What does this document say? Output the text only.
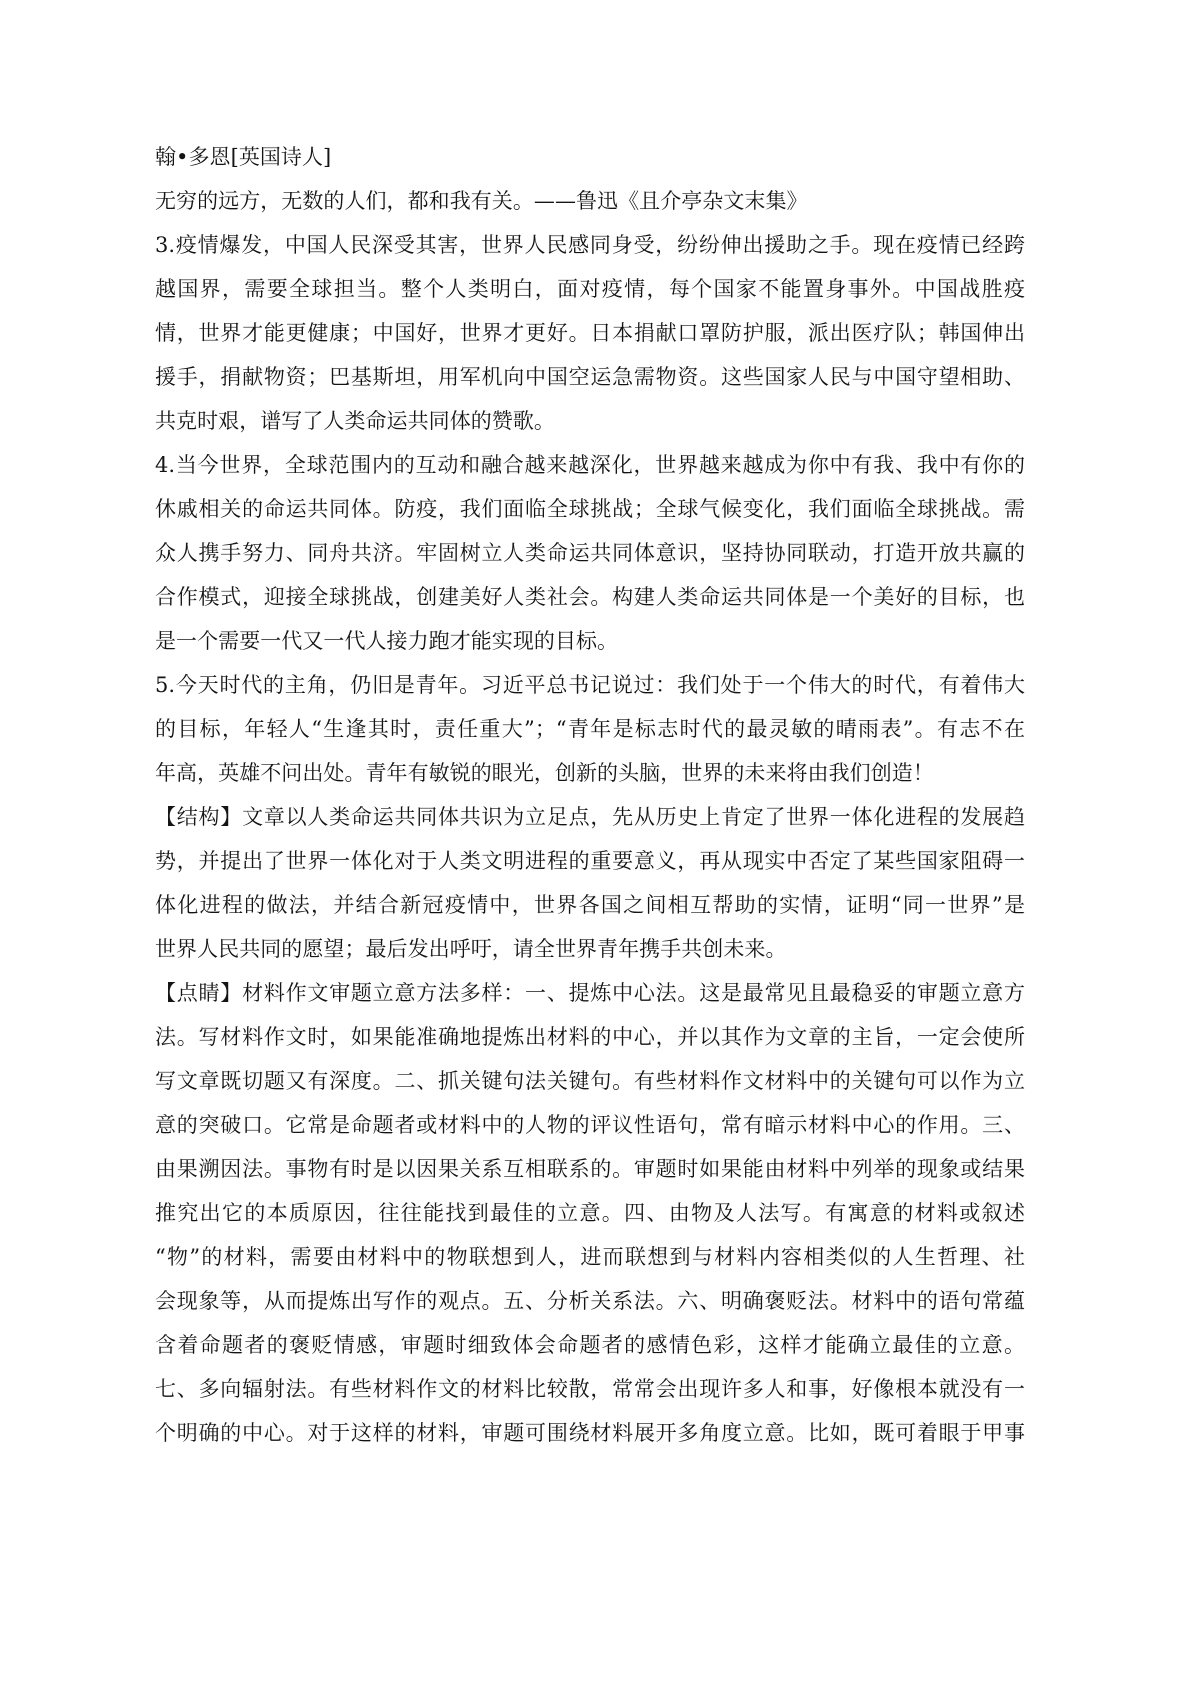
翰•多恩[英国诗人]
无穷的远方，无数的人们，都和我有关。——鲁迅《且介亭杂文末集》
3.疫情爆发，中国人民深受其害，世界人民感同身受，纷纷伸出援助之手。现在疫情已经跨
越国界，需要全球担当。整个人类明白，面对疫情，每个国家不能置身事外。中国战胜疫
情，世界才能更健康；中国好，世界才更好。日本捐献口罩防护服，派出医疗队；韩国伸出
援手，捐献物资；巴基斯坦，用军机向中国空运急需物资。这些国家人民与中国守望相助、
共克时艰，谱写了人类命运共同体的赞歌。
4.当今世界，全球范围内的互动和融合越来越深化，世界越来越成为你中有我、我中有你的
休戚相关的命运共同体。防疫，我们面临全球挑战；全球气候变化，我们面临全球挑战。需
众人携手努力、同舟共济。牢固树立人类命运共同体意识，坚持协同联动，打造开放共赢的
合作模式，迎接全球挑战，创建美好人类社会。构建人类命运共同体是一个美好的目标，也
是一个需要一代又一代人接力跑才能实现的目标。
5.今天时代的主角，仍旧是青年。习近平总书记说过：我们处于一个伟大的时代，有着伟大
的目标，年轻人“生逢其时，责任重大”；“青年是标志时代的最灵敏的晴雨表”。有志不在
年高，英雄不问出处。青年有敏锐的眼光，创新的头脑，世界的未来将由我们创造！
【结构】文章以人类命运共同体共识为立足点，先从历史上肯定了世界一体化进程的发展趋
势，并提出了世界一体化对于人类文明进程的重要意义，再从现实中否定了某些国家阻碍一
体化进程的做法，并结合新冠疫情中，世界各国之间相互帮助的实情，证明“同一世界”是
世界人民共同的愿望；最后发出呼吁，请全世界青年携手共创未来。
【点睛】材料作文审题立意方法多样：一、提炼中心法。这是最常见且最稳妥的审题立意方
法。写材料作文时，如果能准确地提炼出材料的中心，并以其作为文章的主旨，一定会使所
写文章既切题又有深度。二、抓关键句法关键句。有些材料作文材料中的关键句可以作为立
意的突破口。它常是命题者或材料中的人物的评议性语句，常有暗示材料中心的作用。三、
由果溯因法。事物有时是以因果关系互相联系的。审题时如果能由材料中列举的现象或结果
推究出它的本质原因，往往能找到最佳的立意。四、由物及人法写。有寓意的材料或叙述
“物”的材料，需要由材料中的物联想到人，进而联想到与材料内容相类似的人生哲理、社
会现象等，从而提炼出写作的观点。五、分析关系法。六、明确褒贬法。材料中的语句常蕴
含着命题者的褒贬情感，审题时细致体会命题者的感情色彩，这样才能确立最佳的立意。
七、多向辐射法。有些材料作文的材料比较散，常常会出现许多人和事，好像根本就没有一
个明确的中心。对于这样的材料，审题可围绕材料展开多角度立意。比如，既可着眼于甲事
